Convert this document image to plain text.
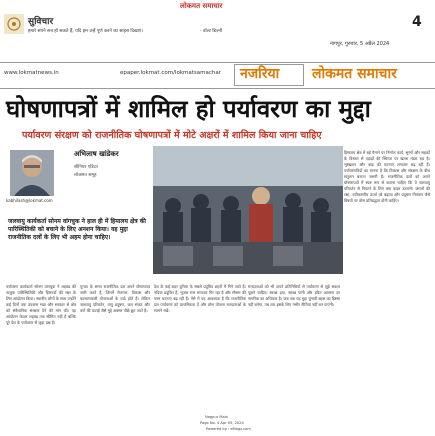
लोकमत समाचार
4
सुविचार
हमारे सपने सच हो सकते हैं, यदि हम उन्हें पूर्ण करने का साहस दिखाएं।	- वॉल्ट डिज़्नी
नागपुर, गुरुवार, 5 अप्रैल 2024
www.lokmatnews.in	epaper.lokmat.com/lokmatsamachar नजरिया लोकमत समाचार
घोषणापत्रों में शामिल हो पर्यावरण का मुद्दा
पर्यावरण संरक्षण को राजनीतिक घोषणापत्रों में मोटे अक्षरों में शामिल किया जाना चाहिए
अभिलाष खांडेकर
सीनियर एडिटर
लोकमत समूह
kabhilash@lokmat.com
जलवायु कार्यकर्ता सोनम वांगचुक ने हाल ही में हिमालय क्षेत्र की पारिस्थितिकी को बचाने के लिए अनशन किया। यह मुद्दा राजनीतिक दलों के लिए भी अहम होना चाहिए।
पर्यावरण कार्यकर्ता सोनम वांगचुक ने लद्दाख की नाजुक पारिस्थितिकी और हिमनदों की रक्षा के लिए आंदोलन किया। स्थानीय लोगों के साथ उन्होंने कई दिनों तक उपवास रखा और सरकार से क्षेत्र को संवैधानिक संरक्षण देने की मांग की। यह आंदोलन केवल लद्दाख तक सीमित नहीं है बल्कि पूरे देश के पर्यावरण से जुड़ा प्रश्न है।
चुनाव के समय राजनीतिक दल अपने घोषणापत्र जारी करते हैं, जिनमें रोजगार, विकास और कल्याणकारी योजनाओं के वादे होते हैं। लेकिन जलवायु परिवर्तन, वायु प्रदूषण, जल संकट और वनों की कटाई जैसे मुद्दे अक्सर पीछे छूट जाते हैं।
देश के कई शहर दुनिया के सबसे प्रदूषित शहरों में गिने जाते हैं। नदियां प्रदूषित हैं, भूजल स्तर लगातार गिर रहा है और मौसम की चरम घटनाएं बढ़ रही हैं। ऐसे में यह आवश्यक है कि राजनीतिक दल पर्यावरण को प्राथमिकता दें और ठोस योजना मतदाताओं के सामने रखें।
मतदाताओं को भी अपने प्रतिनिधियों से पर्यावरण से जुड़े सवाल पूछने चाहिए। स्वच्छ हवा, स्वच्छ पानी और हरित आवरण हर नागरिक का अधिकार है। जब तक यह मुद्दा चुनावी बहस का हिस्सा नहीं बनेगा, तब तक इसके लिए गंभीर नीतियां नहीं बन पाएंगी।
हिमालय क्षेत्र में बड़े पैमाने पर निर्माण कार्य, सुरंगों और सड़कों के विस्तार से पहाड़ों की स्थिरता पर खतरा मंडरा रहा है। भूस्खलन और बाढ़ की घटनाएं लगातार बढ़ रही हैं। पर्यावरणविदों का मानना है कि विकास और संरक्षण के बीच संतुलन बनाना जरूरी है। राजनीतिक दलों को अपने घोषणापत्रों में स्पष्ट रूप से बताना चाहिए कि वे जलवायु परिवर्तन से निपटने के लिए क्या कदम उठाएंगे। जंगलों की रक्षा, नवीकरणीय ऊर्जा को बढ़ावा और प्रदूषण नियंत्रण जैसे विषयों पर ठोस प्रतिबद्धता होनी चाहिए।
Nagpur Main
Page No. 4 Apr 05, 2024
Powered by : eMagz.com
